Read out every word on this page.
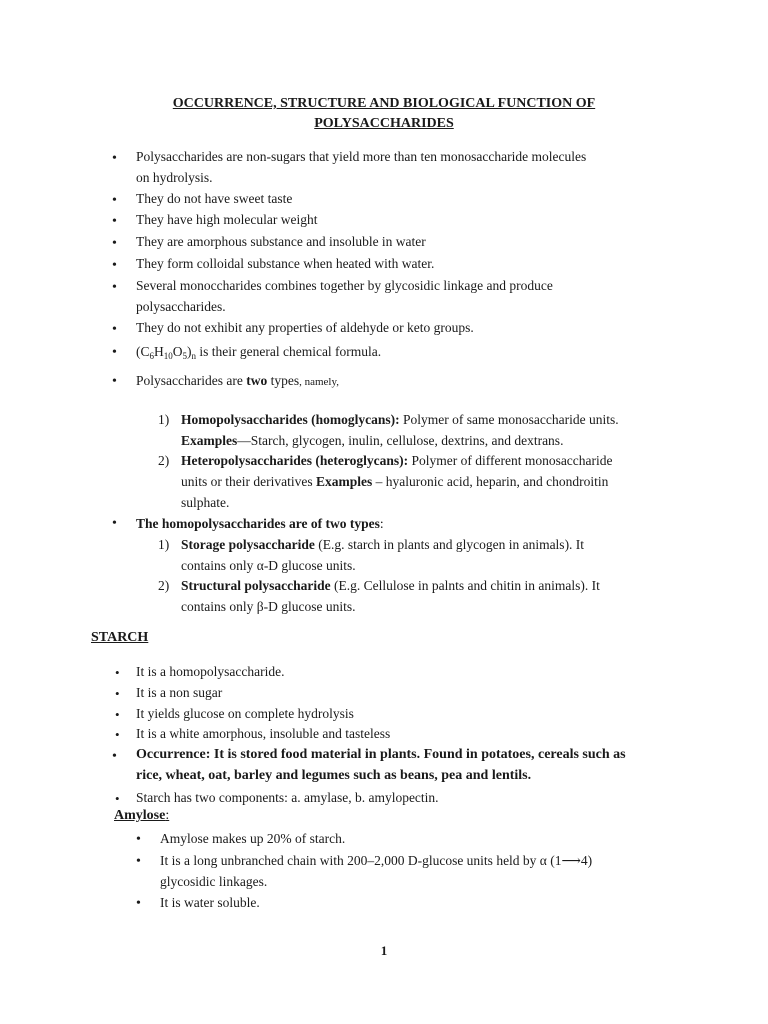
OCCURRENCE, STRUCTURE AND BIOLOGICAL FUNCTION OF
POLYSACCHARIDES
• Polysaccharides are non-sugars that yield more than ten monosaccharide molecules
on hydrolysis.
• They do not have sweet taste
• They have high molecular weight
• They are amorphous substance and insoluble in water
• They form colloidal substance when heated with water.
• Several monoccharides combines together by glycosidic linkage and produce
polysaccharides.
• They do not exhibit any properties of aldehyde or keto groups.
• $(C_6H_{10}O_5)_n$ is their general chemical formula.
• Polysaccharides are two types, namely,
1) Homopolysaccharides (homoglycans): Polymer of same monosaccharide units.
Examples—Starch, glycogen, inulin, cellulose, dextrins, and dextrans.
2) Heteropolysaccharides (heteroglycans): Polymer of different monosaccharide
units or their derivatives Examples – hyaluronic acid, heparin, and chondroitin
sulphate.
• The homopolysaccharides are of two types:
1) Storage polysaccharide (E.g. starch in plants and glycogen in animals). It
contains only α-D glucose units.
2) Structural polysaccharide (E.g. Cellulose in palnts and chitin in animals). It
contains only β-D glucose units.
STARCH
• It is a homopolysaccharide.
• It is a non sugar
• It yields glucose on complete hydrolysis
• It is a white amorphous, insoluble and tasteless
• Occurrence: It is stored food material in plants. Found in potatoes, cereals such as
rice, wheat, oat, barley and legumes such as beans, pea and lentils.
• Starch has two components: a. amylase, b. amylopectin.
Amylose:
• Amylose makes up 20% of starch.
• It is a long unbranched chain with 200–2,000 D-glucose units held by α (1⟶4)
glycosidic linkages.
• It is water soluble.
1
